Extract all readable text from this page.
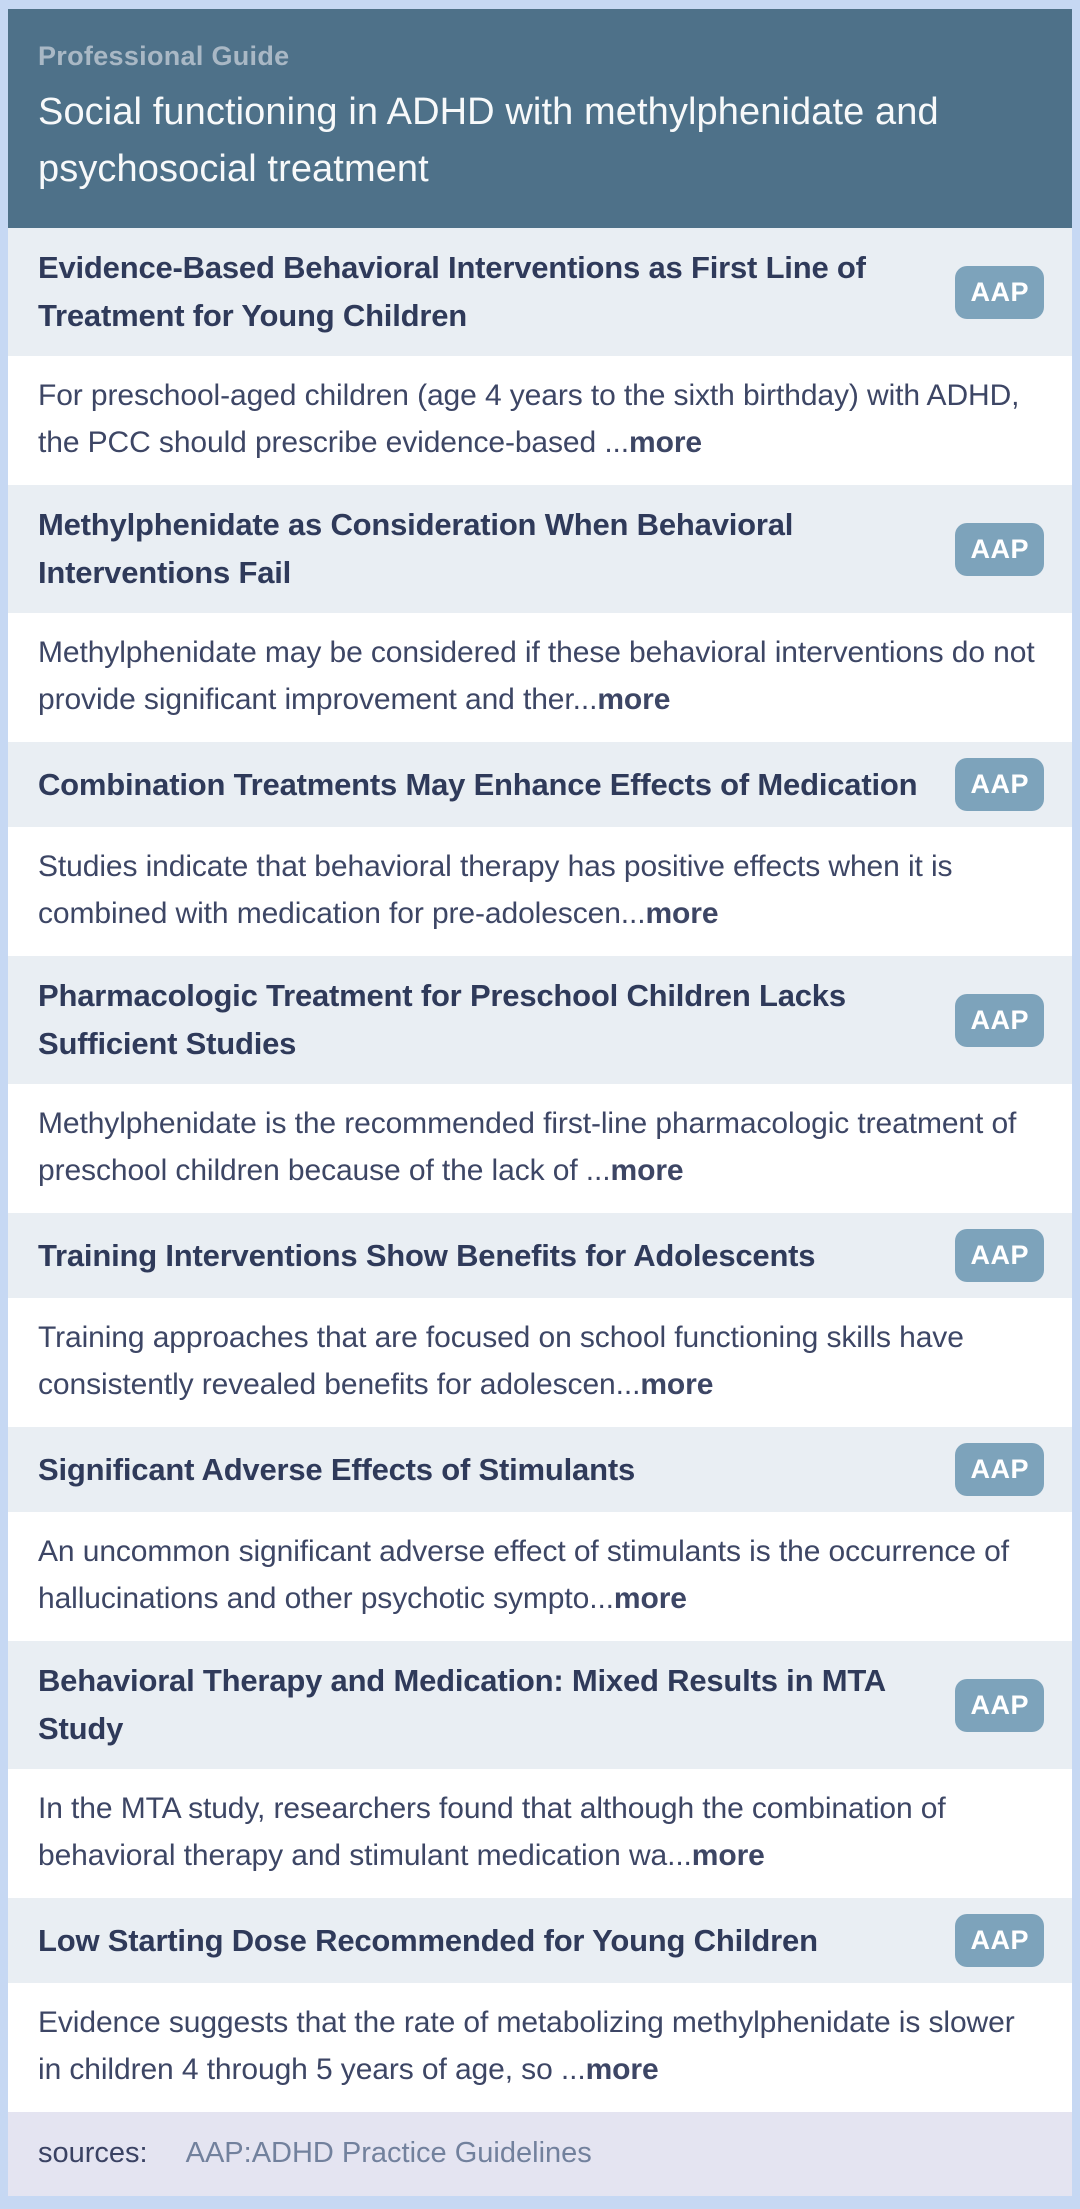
Professional Guide
Social functioning in ADHD with methylphenidate and psychosocial treatment
Evidence-Based Behavioral Interventions as First Line of Treatment for Young Children
AAP

For preschool-aged children (age 4 years to the sixth birthday) with ADHD, the PCC should prescribe evidence-based ...more

Methylphenidate as Consideration When Behavioral Interventions Fail
AAP

Methylphenidate may be considered if these behavioral interventions do not provide significant improvement and ther...more

Combination Treatments May Enhance Effects of Medication	AAP

Studies indicate that behavioral therapy has positive effects when it is combined with medication for pre-adolescen...more

Pharmacologic Treatment for Preschool Children Lacks Sufficient Studies
AAP

Methylphenidate is the recommended first-line pharmacologic treatment of preschool children because of the lack of ...more

Training Interventions Show Benefits for Adolescents	AAP

Training approaches that are focused on school functioning skills have consistently revealed benefits for adolescen...more

Significant Adverse Effects of Stimulants	AAP

An uncommon significant adverse effect of stimulants is the occurrence of hallucinations and other psychotic sympto...more

Behavioral Therapy and Medication: Mixed Results in MTA Study
AAP

In the MTA study, researchers found that although the combination of behavioral therapy and stimulant medication wa...more

Low Starting Dose Recommended for Young Children	AAP

Evidence suggests that the rate of metabolizing methylphenidate is slower in children 4 through 5 years of age, so ...more

sources: AAP:ADHD Practice Guidelines
